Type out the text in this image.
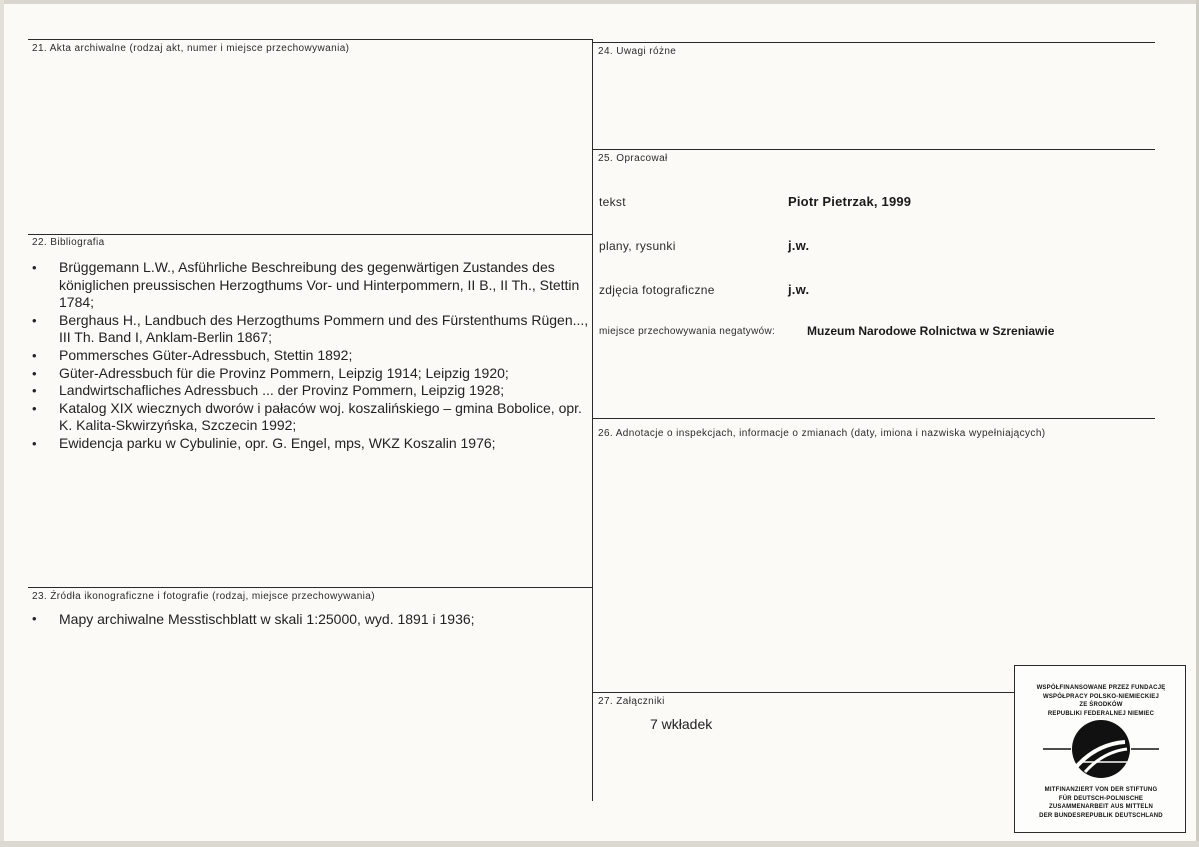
21. Akta archiwalne (rodzaj akt, numer i miejsce przechowywania)
22. Bibliografia
23. Źródła ikonograficzne i fotografie (rodzaj, miejsce przechowywania)
24. Uwagi różne
25. Opracował
26. Adnotacje o inspekcjach, informacje o zmianach (daty, imiona i nazwiska wypełniających)
27. Załączniki
• Brüggemann L.W., Asführliche Beschreibung des gegenwärtigen Zustandes des königlichen preussischen Herzogthums Vor- und Hinterpommern, II B., II Th., Stettin 1784;
• Berghaus H., Landbuch des Herzogthums Pommern und des Fürstenthums Rügen..., III Th. Band I, Anklam-Berlin 1867;
• Pommersches Güter-Adressbuch, Stettin 1892;
• Güter-Adressbuch für die Provinz Pommern, Leipzig 1914; Leipzig 1920;
• Landwirtschafliches Adressbuch ... der Provinz Pommern, Leipzig 1928;
• Katalog XIX wiecznych dworów i pałaców woj. koszalińskiego – gmina Bobolice, opr. K. Kalita-Skwirzyńska, Szczecin 1992;
• Ewidencja parku w Cybulinie, opr. G. Engel, mps, WKZ Koszalin 1976;
• Mapy archiwalne Messtischblatt w skali 1:25000, wyd. 1891 i 1936;
tekst	Piotr Pietrzak, 1999
plany, rysunki	j.w.
zdjęcia fotograficzne	j.w.
miejsce przechowywania negatywów:	Muzeum Narodowe Rolnictwa w Szreniawie
7 wkładek
WSPÓŁFINANSOWANE PRZEZ FUNDACJĘ
WSPÓŁPRACY POLSKO-NIEMIECKIEJ
ZE ŚRODKÓW
REPUBLIKI FEDERALNEJ NIEMIEC
MITFINANZIERT VON DER STIFTUNG
FÜR DEUTSCH-POLNISCHE
ZUSAMMENARBEIT AUS MITTELN
DER BUNDESREPUBLIK DEUTSCHLAND
